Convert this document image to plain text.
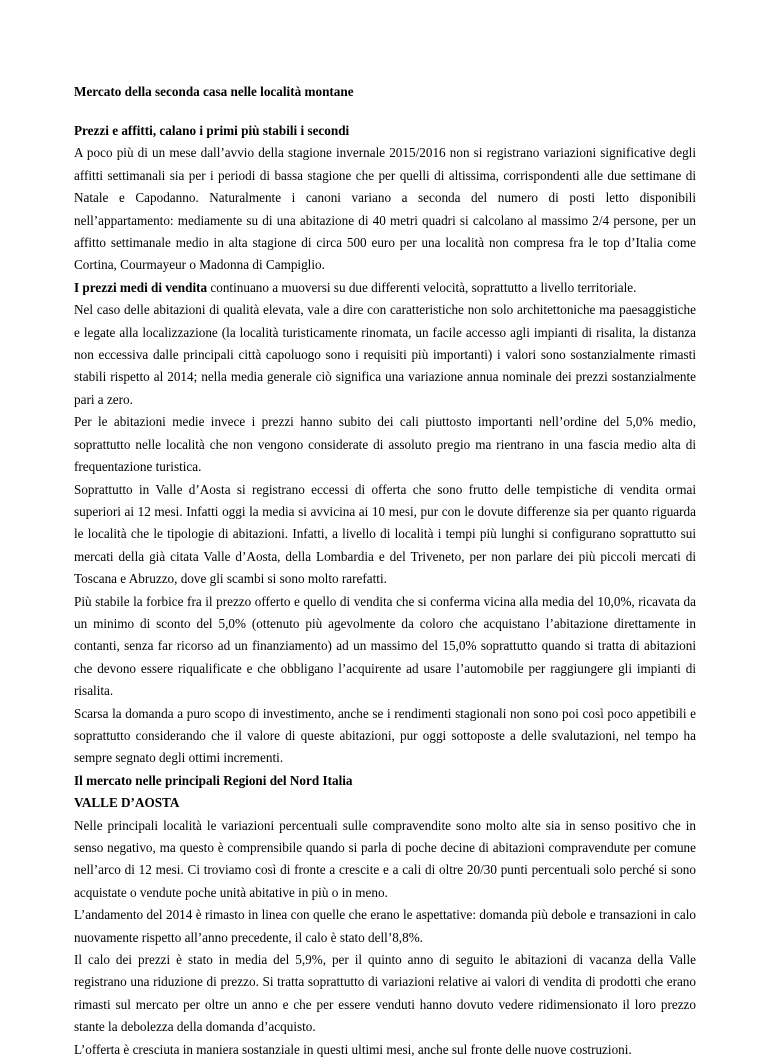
Mercato della seconda casa nelle località montane
Prezzi e affitti, calano i primi più stabili i secondi

A poco più di un mese dall’avvio della stagione invernale 2015/2016 non si registrano variazioni significative degli affitti settimanali sia per i periodi di bassa stagione che per quelli di altissima, corrispondenti alle due settimane di Natale e Capodanno. Naturalmente i canoni variano a seconda del numero di posti letto disponibili nell’appartamento: mediamente su di una abitazione di 40 metri quadri si calcolano al massimo 2/4 persone, per un affitto settimanale medio in alta stagione di circa 500 euro per una località non compresa fra le top d’Italia come Cortina, Courmayeur o Madonna di Campiglio.

I prezzi medi di vendita continuano a muoversi su due differenti velocità, soprattutto a livello territoriale.

Nel caso delle abitazioni di qualità elevata, vale a dire con caratteristiche non solo architettoniche ma paesaggistiche e legate alla localizzazione (la località turisticamente rinomata, un facile accesso agli impianti di risalita, la distanza non eccessiva dalle principali città capoluogo sono i requisiti più importanti) i valori sono sostanzialmente rimasti stabili rispetto al 2014; nella media generale ciò significa una variazione annua nominale dei prezzi sostanzialmente pari a zero.

Per le abitazioni medie invece i prezzi hanno subito dei cali piuttosto importanti nell’ordine del 5,0% medio, soprattutto nelle località che non vengono considerate di assoluto pregio ma rientrano in una fascia medio alta di frequentazione turistica.

Soprattutto in Valle d’Aosta si registrano eccessi di offerta che sono frutto delle tempistiche di vendita ormai superiori ai 12 mesi. Infatti oggi la media si avvicina ai 10 mesi, pur con le dovute differenze sia per quanto riguarda le località che le tipologie di abitazioni. Infatti, a livello di località i tempi più lunghi si configurano soprattutto sui mercati della già citata Valle d’Aosta, della Lombardia e del Triveneto, per non parlare dei più piccoli mercati di Toscana e Abruzzo, dove gli scambi si sono molto rarefatti.

Più stabile la forbice fra il prezzo offerto e quello di vendita che si conferma vicina alla media del 10,0%, ricavata da un minimo di sconto del 5,0% (ottenuto più agevolmente da coloro che acquistano l’abitazione direttamente in contanti, senza far ricorso ad un finanziamento) ad un massimo del 15,0% soprattutto quando si tratta di abitazioni che devono essere riqualificate e che obbligano l’acquirente ad usare l’automobile per raggiungere gli impianti di risalita.

Scarsa la domanda a puro scopo di investimento, anche se i rendimenti stagionali non sono poi così poco appetibili e soprattutto considerando che il valore di queste abitazioni, pur oggi sottoposte a delle svalutazioni, nel tempo ha sempre segnato degli ottimi incrementi.

Il mercato nelle principali Regioni del Nord Italia
VALLE D’AOSTA

Nelle principali località le variazioni percentuali sulle compravendite sono molto alte sia in senso positivo che in senso negativo, ma questo è comprensibile quando si parla di poche decine di abitazioni compravendute per comune nell’arco di 12 mesi. Ci troviamo così di fronte a crescite e a cali di oltre 20/30 punti percentuali solo perché si sono acquistate o vendute poche unità abitative in più o in meno.

L’andamento del 2014 è rimasto in linea con quelle che erano le aspettative: domanda più debole e transazioni in calo nuovamente rispetto all’anno precedente, il calo è stato dell’8,8%.

Il calo dei prezzi è stato in media del 5,9%, per il quinto anno di seguito le abitazioni di vacanza della Valle registrano una riduzione di prezzo. Si tratta soprattutto di variazioni relative ai valori di vendita di prodotti che erano rimasti sul mercato per oltre un anno e che per essere venduti hanno dovuto vedere ridimensionato il loro prezzo stante la debolezza della domanda d’acquisto.

L’offerta è cresciuta in maniera sostanziale in questi ultimi mesi, anche sul fronte delle nuove costruzioni.
